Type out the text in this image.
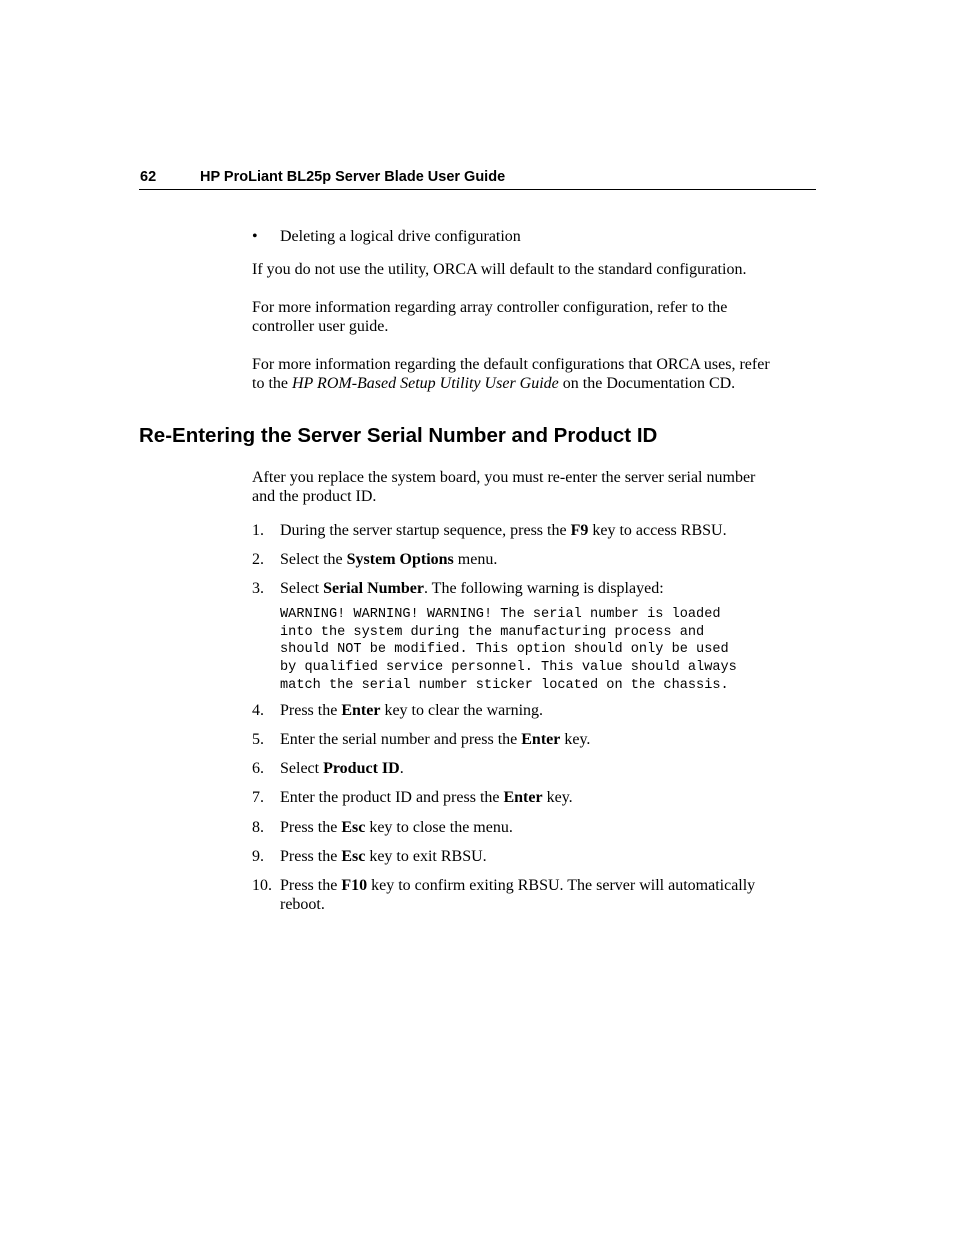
62	HP ProLiant BL25p Server Blade User Guide
• Deleting a logical drive configuration

If you do not use the utility, ORCA will default to the standard configuration.

For more information regarding array controller configuration, refer to the
controller user guide.

For more information regarding the default configurations that ORCA uses, refer
to the HP ROM-Based Setup Utility User Guide on the Documentation CD.

Re-Entering the Server Serial Number and Product ID

After you replace the system board, you must re-enter the server serial number
and the product ID.

1. During the server startup sequence, press the F9 key to access RBSU.
2. Select the System Options menu.
3. Select Serial Number. The following warning is displayed:
WARNING! WARNING! WARNING! The serial number is loaded
into the system during the manufacturing process and
should NOT be modified. This option should only be used
by qualified service personnel. This value should always
match the serial number sticker located on the chassis.
4. Press the Enter key to clear the warning.
5. Enter the serial number and press the Enter key.
6. Select Product ID.
7. Enter the product ID and press the Enter key.
8. Press the Esc key to close the menu.
9. Press the Esc key to exit RBSU.
10. Press the F10 key to confirm exiting RBSU. The server will automatically
reboot.
